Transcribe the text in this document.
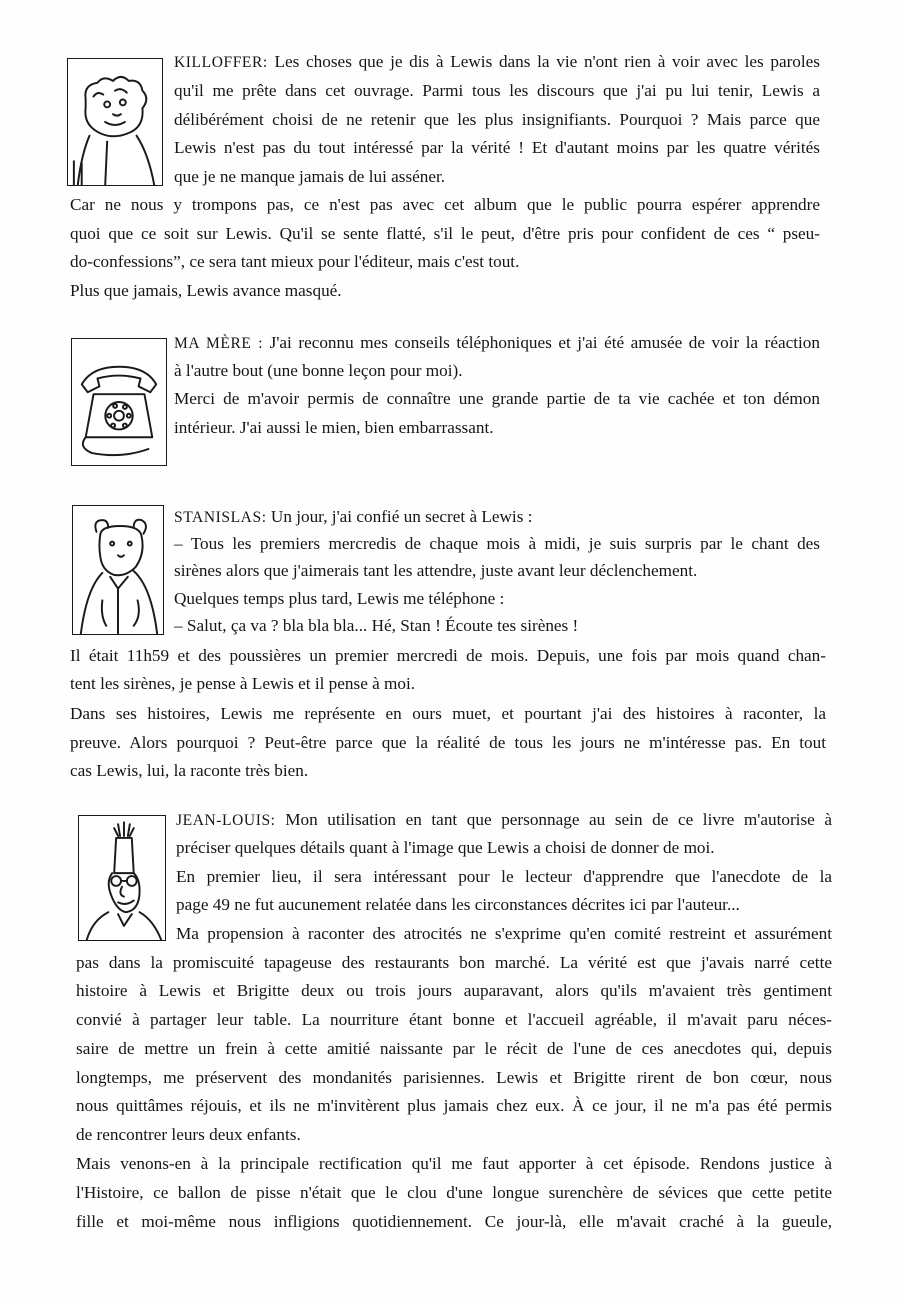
KILLOFFER: Les choses que je dis à Lewis dans la vie n'ont rien à voir avec les paroles
qu'il me prête dans cet ouvrage. Parmi tous les discours que j'ai pu lui tenir, Lewis a
délibérément choisi de ne retenir que les plus insignifiants. Pourquoi ? Mais parce que
Lewis n'est pas du tout intéressé par la vérité ! Et d'autant moins par les quatre vérités
que je ne manque jamais de lui asséner.
Car ne nous y trompons pas, ce n'est pas avec cet album que le public pourra espérer apprendre
quoi que ce soit sur Lewis. Qu'il se sente flatté, s'il le peut, d'être pris pour confident de ces “ pseu-
do-confessions”, ce sera tant mieux pour l'éditeur, mais c'est tout.
Plus que jamais, Lewis avance masqué.
MA MÈRE : J'ai reconnu mes conseils téléphoniques et j'ai été amusée de voir la réaction
à l'autre bout (une bonne leçon pour moi).
Merci de m'avoir permis de connaître une grande partie de ta vie cachée et ton démon
intérieur. J'ai aussi le mien, bien embarrassant.
STANISLAS: Un jour, j'ai confié un secret à Lewis :
– Tous les premiers mercredis de chaque mois à midi, je suis surpris par le chant des
sirènes alors que j'aimerais tant les attendre, juste avant leur déclenchement.
Quelques temps plus tard, Lewis me téléphone :
– Salut, ça va ? bla bla bla... Hé, Stan ! Écoute tes sirènes !
Il était 11h59 et des poussières un premier mercredi de mois. Depuis, une fois par mois quand chan-
tent les sirènes, je pense à Lewis et il pense à moi.
Dans ses histoires, Lewis me représente en ours muet, et pourtant j'ai des histoires à raconter, la
preuve. Alors pourquoi ? Peut-être parce que la réalité de tous les jours ne m'intéresse pas. En tout
cas Lewis, lui, la raconte très bien.
JEAN-LOUIS: Mon utilisation en tant que personnage au sein de ce livre m'autorise à
préciser quelques détails quant à l'image que Lewis a choisi de donner de moi.
En premier lieu, il sera intéressant pour le lecteur d'apprendre que l'anecdote de la
page 49 ne fut aucunement relatée dans les circonstances décrites ici par l'auteur...
Ma propension à raconter des atrocités ne s'exprime qu'en comité restreint et assurément
pas dans la promiscuité tapageuse des restaurants bon marché. La vérité est que j'avais narré cette
histoire à Lewis et Brigitte deux ou trois jours auparavant, alors qu'ils m'avaient très gentiment
convié à partager leur table. La nourriture étant bonne et l'accueil agréable, il m'avait paru néces-
saire de mettre un frein à cette amitié naissante par le récit de l'une de ces anecdotes qui, depuis
longtemps, me préservent des mondanités parisiennes. Lewis et Brigitte rirent de bon cœur, nous
nous quittâmes réjouis, et ils ne m'invitèrent plus jamais chez eux. À ce jour, il ne m'a pas été permis
de rencontrer leurs deux enfants.
Mais venons-en à la principale rectification qu'il me faut apporter à cet épisode. Rendons justice à
l'Histoire, ce ballon de pisse n'était que le clou d'une longue surenchère de sévices que cette petite
fille et moi-même nous infligions quotidiennement. Ce jour-là, elle m'avait craché à la gueule,
